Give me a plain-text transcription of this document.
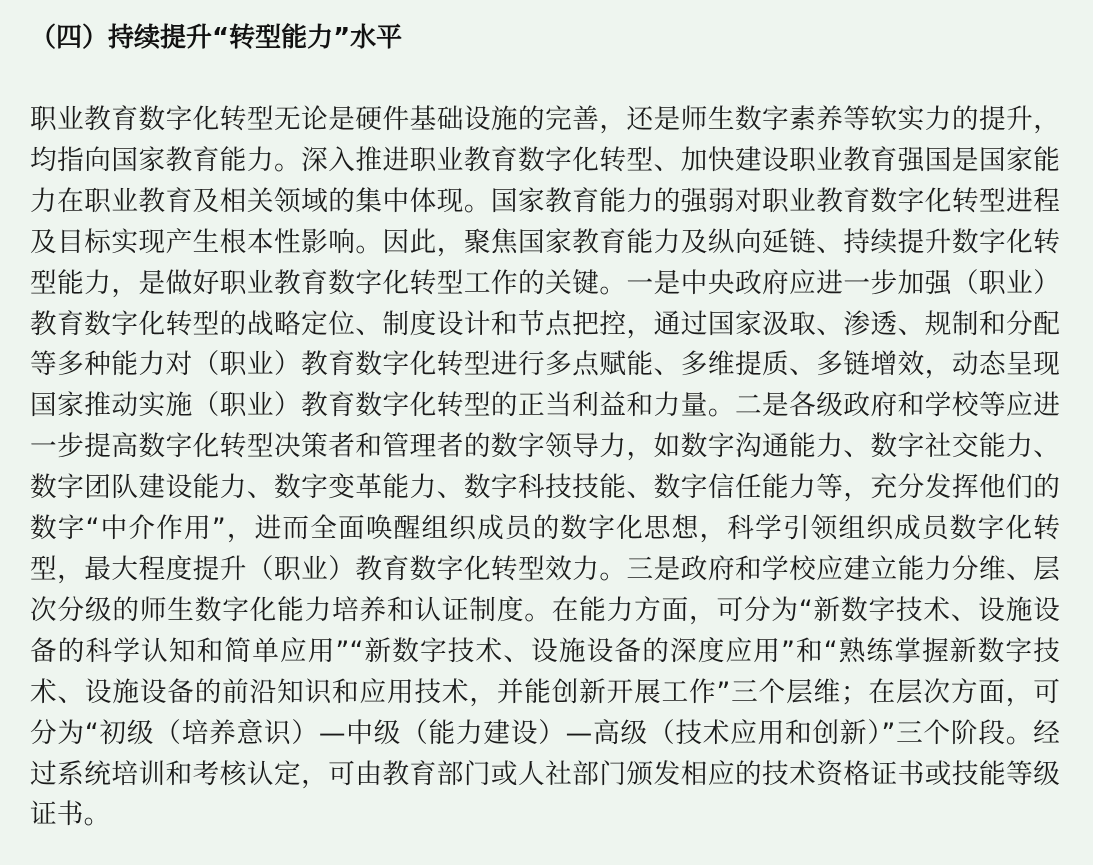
（四）持续提升“转型能力”水平

职业教育数字化转型无论是硬件基础设施的完善，还是师生数字素养等软实力的提升，均指向国家教育能力。深入推进职业教育数字化转型、加快建设职业教育强国是国家能力在职业教育及相关领域的集中体现。国家教育能力的强弱对职业教育数字化转型进程及目标实现产生根本性影响。因此，聚焦国家教育能力及纵向延链、持续提升数字化转型能力，是做好职业教育数字化转型工作的关键。一是中央政府应进一步加强（职业）教育数字化转型的战略定位、制度设计和节点把控，通过国家汲取、渗透、规制和分配等多种能力对（职业）教育数字化转型进行多点赋能、多维提质、多链增效，动态呈现国家推动实施（职业）教育数字化转型的正当利益和力量。二是各级政府和学校等应进一步提高数字化转型决策者和管理者的数字领导力，如数字沟通能力、数字社交能力、数字团队建设能力、数字变革能力、数字科技技能、数字信任能力等，充分发挥他们的数字“中介作用”，进而全面唤醒组织成员的数字化思想，科学引领组织成员数字化转型，最大程度提升（职业）教育数字化转型效力。三是政府和学校应建立能力分维、层次分级的师生数字化能力培养和认证制度。在能力方面，可分为“新数字技术、设施设备的科学认知和简单应用”“新数字技术、设施设备的深度应用”和“熟练掌握新数字技术、设施设备的前沿知识和应用技术，并能创新开展工作”三个层维；在层次方面，可分为“初级（培养意识）—中级（能力建设）—高级（技术应用和创新）”三个阶段。经过系统培训和考核认定，可由教育部门或人社部门颁发相应的技术资格证书或技能等级证书。
